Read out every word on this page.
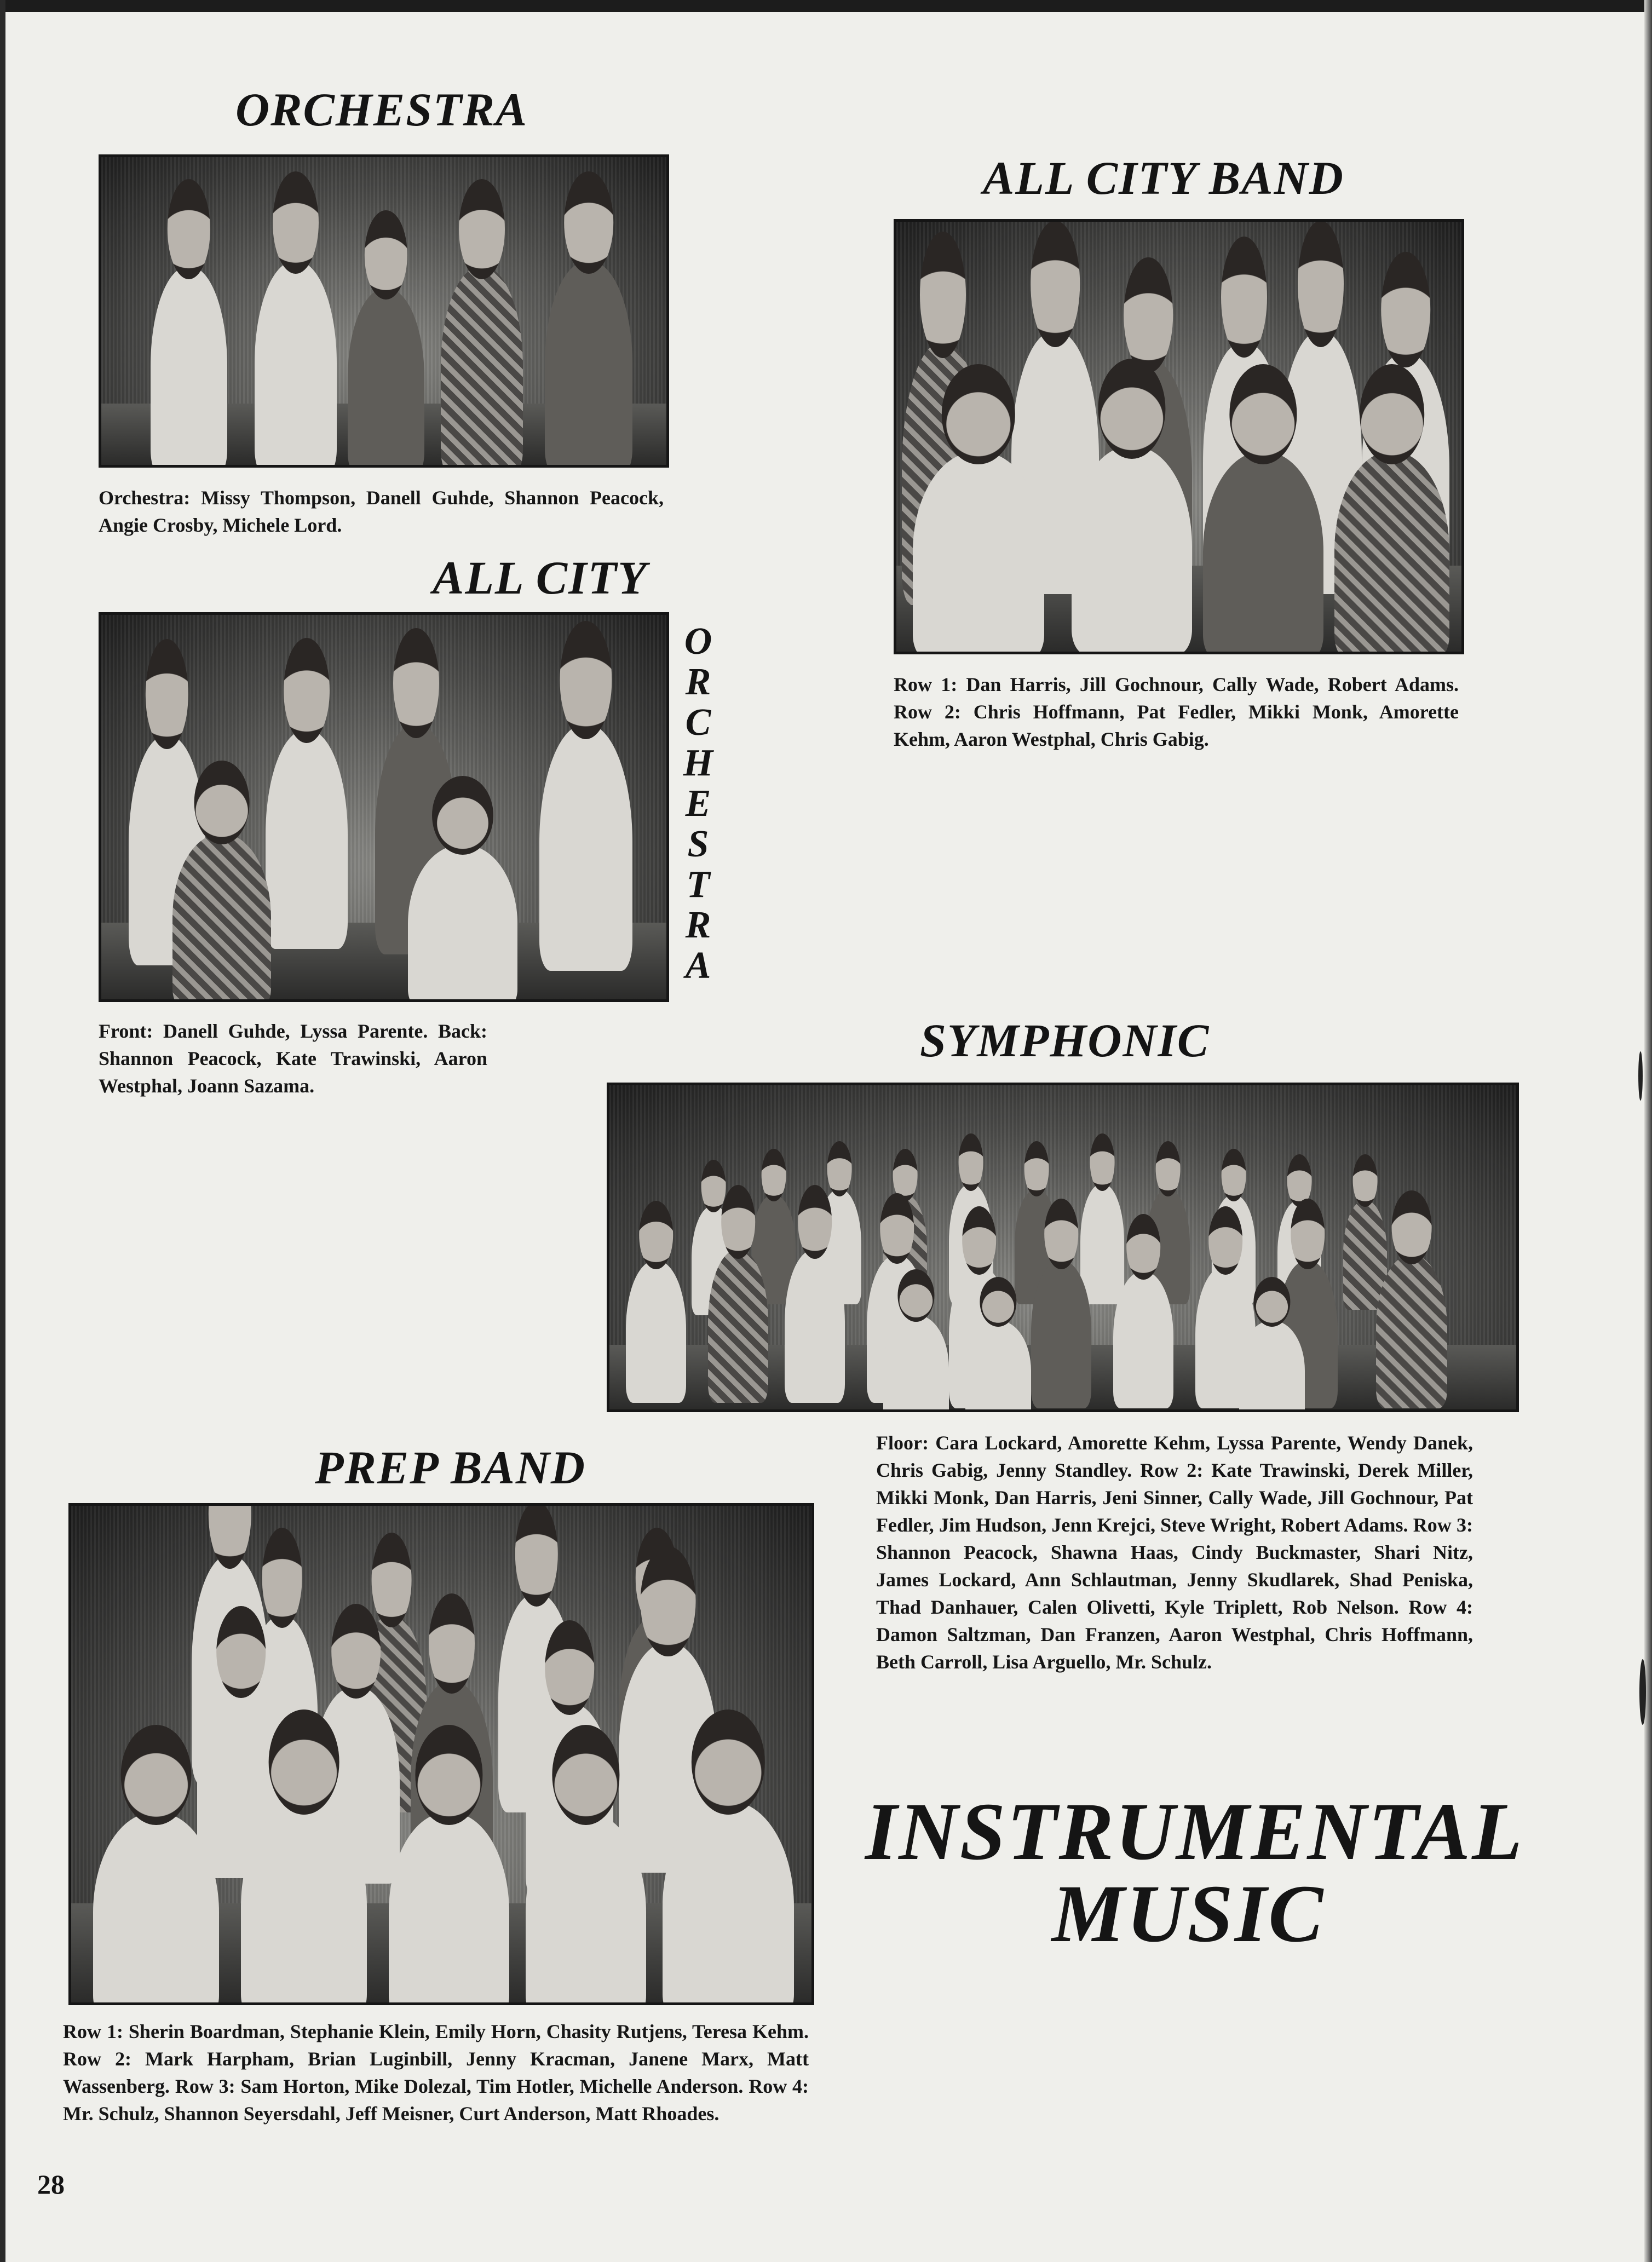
ORCHESTRA
Orchestra: Missy Thompson, Danell Guhde, Shannon Peacock, Angie Crosby, Michele Lord.
ALL CITY
O
R
C
H
E
S
T
R
A
Front: Danell Guhde, Lyssa Parente. Back: Shannon Peacock, Kate Trawinski, Aaron Westphal, Joann Sazama.
ALL CITY BAND
Row 1: Dan Harris, Jill Gochnour, Cally Wade, Robert Adams. Row 2: Chris Hoffmann, Pat Fedler, Mikki Monk, Amorette Kehm, Aaron Westphal, Chris Gabig.
SYMPHONIC
Floor: Cara Lockard, Amorette Kehm, Lyssa Parente, Wendy Danek, Chris Gabig, Jenny Standley. Row 2: Kate Trawinski, Derek Miller, Mikki Monk, Dan Harris, Jeni Sinner, Cally Wade, Jill Gochnour, Pat Fedler, Jim Hudson, Jenn Krejci, Steve Wright, Robert Adams. Row 3: Shannon Peacock, Shawna Haas, Cindy Buckmaster, Shari Nitz, James Lockard, Ann Schlautman, Jenny Skudlarek, Shad Peniska, Thad Danhauer, Calen Olivetti, Kyle Triplett, Rob Nelson. Row 4: Damon Saltzman, Dan Franzen, Aaron Westphal, Chris Hoffmann, Beth Carroll, Lisa Arguello, Mr. Schulz.
PREP BAND
Row 1: Sherin Boardman, Stephanie Klein, Emily Horn, Chasity Rutjens, Teresa Kehm. Row 2: Mark Harpham, Brian Luginbill, Jenny Kracman, Janene Marx, Matt Wassenberg. Row 3: Sam Horton, Mike Dolezal, Tim Hotler, Michelle Anderson. Row 4: Mr. Schulz, Shannon Seyersdahl, Jeff Meisner, Curt Anderson, Matt Rhoades.
INSTRUMENTAL
MUSIC
28
